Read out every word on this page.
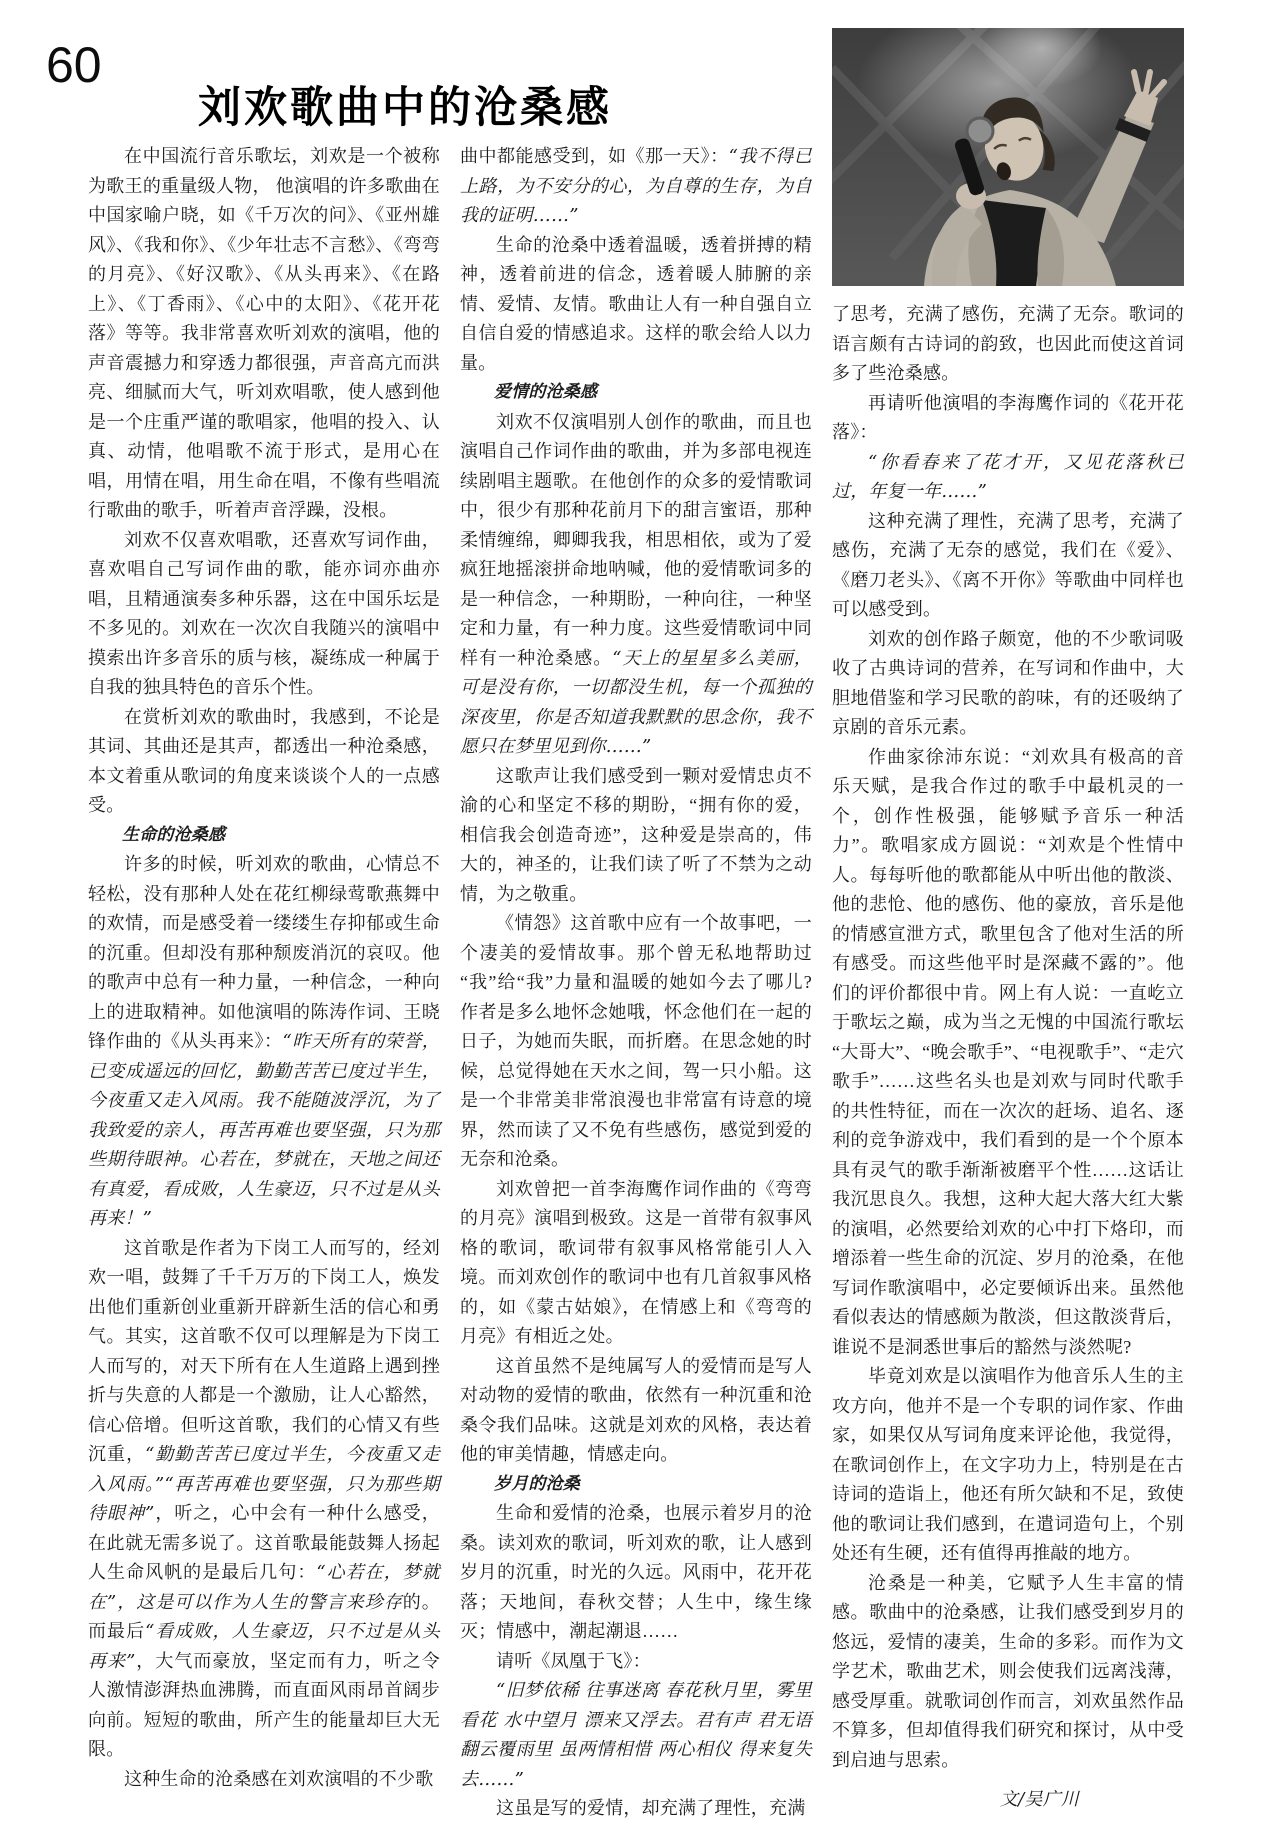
60
刘欢歌曲中的沧桑感

在中国流行音乐歌坛，刘欢是一个被称为歌王的重量级人物， 他演唱的许多歌曲在中国家喻户晓，如《千万次的问》、《亚州雄风》、《我和你》、《少年壮志不言愁》、《弯弯的月亮》、《好汉歌》、《从头再来》、《在路上》、《丁香雨》、《心中的太阳》、《花开花落》等等。我非常喜欢听刘欢的演唱，他的声音震撼力和穿透力都很强，声音高亢而洪亮、细腻而大气，听刘欢唱歌，使人感到他是一个庄重严谨的歌唱家，他唱的投入、认真、动情，他唱歌不流于形式，是用心在唱，用情在唱，用生命在唱，不像有些唱流行歌曲的歌手，听着声音浮躁，没根。

刘欢不仅喜欢唱歌，还喜欢写词作曲，喜欢唱自己写词作曲的歌，能亦词亦曲亦唱，且精通演奏多种乐器，这在中国乐坛是不多见的。刘欢在一次次自我随兴的演唱中摸索出许多音乐的质与核，凝练成一种属于自我的独具特色的音乐个性。

在赏析刘欢的歌曲时，我感到，不论是其词、其曲还是其声，都透出一种沧桑感，本文着重从歌词的角度来谈谈个人的一点感受。

生命的沧桑感

许多的时候，听刘欢的歌曲，心情总不轻松，没有那种人处在花红柳绿莺歌燕舞中的欢情，而是感受着一缕缕生存抑郁或生命的沉重。但却没有那种颓废消沉的哀叹。他的歌声中总有一种力量，一种信念，一种向上的进取精神。如他演唱的陈涛作词、王晓锋作曲的《从头再来》：“昨天所有的荣誉，已变成遥远的回忆，勤勤苦苦已度过半生，今夜重又走入风雨。我不能随波浮沉，为了我致爱的亲人，再苦再难也要坚强，只为那些期待眼神。心若在，梦就在，天地之间还有真爱，看成败，人生豪迈，只不过是从头再来！”

这首歌是作者为下岗工人而写的，经刘欢一唱，鼓舞了千千万万的下岗工人，焕发出他们重新创业重新开辟新生活的信心和勇气。其实，这首歌不仅可以理解是为下岗工人而写的，对天下所有在人生道路上遇到挫折与失意的人都是一个激励，让人心豁然，信心倍增。但听这首歌，我们的心情又有些沉重，“勤勤苦苦已度过半生，今夜重又走入风雨。”“再苦再难也要坚强，只为那些期待眼神”，听之，心中会有一种什么感受，在此就无需多说了。这首歌最能鼓舞人扬起人生命风帆的是最后几句：“心若在，梦就在”，这是可以作为人生的警言来珍存的。而最后“看成败，人生豪迈，只不过是从头再来”，大气而豪放，坚定而有力，听之令人激情澎湃热血沸腾，而直面风雨昂首阔步向前。短短的歌曲，所产生的能量却巨大无限。

这种生命的沧桑感在刘欢演唱的不少歌

曲中都能感受到，如《那一天》：“我不得已上路，为不安分的心，为自尊的生存，为自我的证明……”

生命的沧桑中透着温暖，透着拼搏的精神，透着前进的信念，透着暖人肺腑的亲情、爱情、友情。歌曲让人有一种自强自立自信自爱的情感追求。这样的歌会给人以力量。

爱情的沧桑感

刘欢不仅演唱别人创作的歌曲，而且也演唱自己作词作曲的歌曲，并为多部电视连续剧唱主题歌。在他创作的众多的爱情歌词中，很少有那种花前月下的甜言蜜语，那种柔情缠绵，卿卿我我，相思相依，或为了爱疯狂地摇滚拼命地呐喊，他的爱情歌词多的是一种信念，一种期盼，一种向往，一种坚定和力量，有一种力度。这些爱情歌词中同样有一种沧桑感。“天上的星星多么美丽，可是没有你，一切都没生机，每一个孤独的深夜里，你是否知道我默默的思念你，我不愿只在梦里见到你……”

这歌声让我们感受到一颗对爱情忠贞不渝的心和坚定不移的期盼，“拥有你的爱，相信我会创造奇迹”，这种爱是崇高的，伟大的，神圣的，让我们读了听了不禁为之动情，为之敬重。

《情怨》这首歌中应有一个故事吧，一个凄美的爱情故事。那个曾无私地帮助过“我”给“我”力量和温暖的她如今去了哪儿? 作者是多么地怀念她哦，怀念他们在一起的日子，为她而失眠，而折磨。在思念她的时候，总觉得她在天水之间，驾一只小船。这是一个非常美非常浪漫也非常富有诗意的境界，然而读了又不免有些感伤，感觉到爱的无奈和沧桑。

刘欢曾把一首李海鹰作词作曲的《弯弯的月亮》演唱到极致。这是一首带有叙事风格的歌词，歌词带有叙事风格常能引人入境。而刘欢创作的歌词中也有几首叙事风格的，如《蒙古姑娘》，在情感上和《弯弯的月亮》有相近之处。

这首虽然不是纯属写人的爱情而是写人对动物的爱情的歌曲，依然有一种沉重和沧桑令我们品味。这就是刘欢的风格，表达着他的审美情趣，情感走向。

岁月的沧桑

生命和爱情的沧桑，也展示着岁月的沧桑。读刘欢的歌词，听刘欢的歌，让人感到岁月的沉重，时光的久远。风雨中，花开花落；天地间，春秋交替；人生中，缘生缘灭；情感中，潮起潮退……

请听《凤凰于飞》：

“旧梦依稀 往事迷离 春花秋月里，雾里看花 水中望月 漂来又浮去。君有声 君无语 翻云覆雨里 虽两情相惜 两心相仪 得来复失去……”

这虽是写的爱情，却充满了理性，充满

了思考，充满了感伤，充满了无奈。歌词的语言颇有古诗词的韵致，也因此而使这首词多了些沧桑感。

再请听他演唱的李海鹰作词的《花开花落》：

“你看春来了花才开，又见花落秋已过，年复一年……”

这种充满了理性，充满了思考，充满了感伤，充满了无奈的感觉，我们在《爱》、《磨刀老头》、《离不开你》等歌曲中同样也可以感受到。

刘欢的创作路子颇宽，他的不少歌词吸收了古典诗词的营养，在写词和作曲中，大胆地借鉴和学习民歌的韵味，有的还吸纳了京剧的音乐元素。

作曲家徐沛东说：“刘欢具有极高的音乐天赋，是我合作过的歌手中最机灵的一个，创作性极强，能够赋予音乐一种活力”。歌唱家成方圆说：“刘欢是个性情中人。每每听他的歌都能从中听出他的散淡、他的悲怆、他的感伤、他的豪放，音乐是他的情感宣泄方式，歌里包含了他对生活的所有感受。而这些他平时是深藏不露的”。他们的评价都很中肯。网上有人说：一直屹立于歌坛之巅，成为当之无愧的中国流行歌坛“大哥大”、“晚会歌手”、“电视歌手”、“走穴歌手”……这些名头也是刘欢与同时代歌手的共性特征，而在一次次的赶场、追名、逐利的竞争游戏中，我们看到的是一个个原本具有灵气的歌手渐渐被磨平个性……这话让我沉思良久。我想，这种大起大落大红大紫的演唱，必然要给刘欢的心中打下烙印，而增添着一些生命的沉淀、岁月的沧桑，在他写词作歌演唱中，必定要倾诉出来。虽然他看似表达的情感颇为散淡，但这散淡背后，谁说不是洞悉世事后的豁然与淡然呢?

毕竟刘欢是以演唱作为他音乐人生的主攻方向，他并不是一个专职的词作家、作曲家，如果仅从写词角度来评论他，我觉得，在歌词创作上，在文字功力上，特别是在古诗词的造诣上，他还有所欠缺和不足，致使他的歌词让我们感到，在遣词造句上，个别处还有生硬，还有值得再推敲的地方。

沧桑是一种美，它赋予人生丰富的情感。歌曲中的沧桑感，让我们感受到岁月的悠远，爱情的凄美，生命的多彩。而作为文学艺术，歌曲艺术，则会使我们远离浅薄，感受厚重。就歌词创作而言，刘欢虽然作品不算多，但却值得我们研究和探讨，从中受到启迪与思索。

文/吴广川
